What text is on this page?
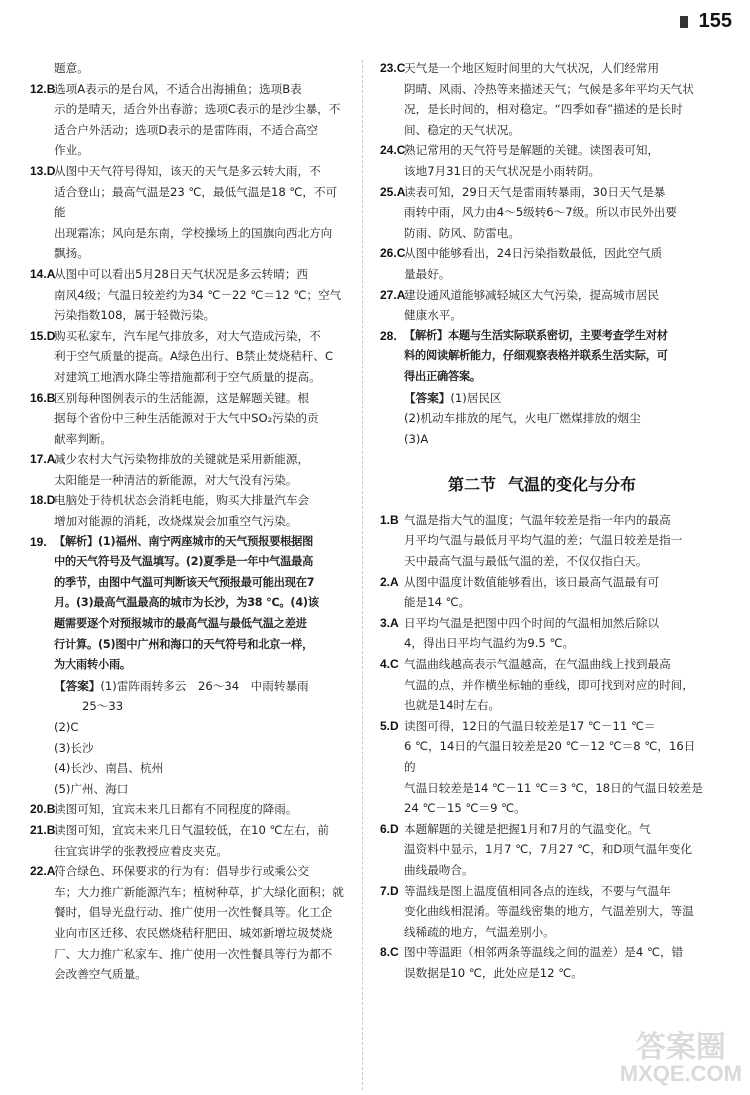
155

题意。

12.B
选项A表示的是台风，不适合出海捕鱼；选项B表
示的是晴天，适合外出春游；选项C表示的是沙尘暴，不
适合户外活动；选项D表示的是雷阵雨，不适合高空
作业。
13.D
从图中天气符号得知，该天的天气是多云转大雨，不
适合登山；最高气温是23 ℃，最低气温是18 ℃，不可能
出现霜冻；风向是东南，学校操场上的国旗向西北方向
飘扬。
14.A
从图中可以看出5月28日天气状况是多云转晴；西
南风4级；气温日较差约为34 ℃－22 ℃＝12 ℃；空气
污染指数108，属于轻微污染。
15.D
购买私家车，汽车尾气排放多，对大气造成污染，不
利于空气质量的提高。A绿色出行、B禁止焚烧秸秆、C
对建筑工地洒水降尘等措施都利于空气质量的提高。
16.B
区别每种图例表示的生活能源，这是解题关键。根
据每个省份中三种生活能源对于大气中SO₂污染的贡
献率判断。
17.A
减少农村大气污染物排放的关键就是采用新能源，
太阳能是一种清洁的新能源，对大气没有污染。
18.D
电脑处于待机状态会消耗电能，购买大排量汽车会
增加对能源的消耗，改烧煤炭会加重空气污染。
19. 【解析】(1)福州、南宁两座城市的天气预报要根据图
中的天气符号及气温填写。(2)夏季是一年中气温最高
的季节，由图中气温可判断该天气预报最可能出现在7
月。(3)最高气温最高的城市为长沙，为38 ℃。(4)该
题需要逐个对预报城市的最高气温与最低气温之差进
行计算。(5)图中广州和海口的天气符号和北京一样，
为大雨转小雨。
【答案】(1)雷阵雨转多云　26～34　中雨转暴雨
25～33
(2)C
(3)长沙
(4)长沙、南昌、杭州
(5)广州、海口
20.B
读图可知，宜宾未来几日都有不同程度的降雨。
21.B
读图可知，宜宾未来几日气温较低，在10 ℃左右，前
往宜宾讲学的张教授应着皮夹克。
22.A
符合绿色、环保要求的行为有：倡导步行或乘公交
车；大力推广新能源汽车；植树种草，扩大绿化面积；就
餐时，倡导光盘行动、推广使用一次性餐具等。化工企
业向市区迁移、农民燃烧秸秆肥田、城郊新增垃圾焚烧
厂、大力推广私家车、推广使用一次性餐具等行为都不
会改善空气质量。
23.C
天气是一个地区短时间里的大气状况，人们经常用
阴晴、风雨、冷热等来描述天气；气候是多年平均天气状
况，是长时间的，相对稳定。“四季如春”描述的是长时
间、稳定的天气状况。
24.C
熟记常用的天气符号是解题的关键。读图表可知，
该地7月31日的天气状况是小雨转阴。
25.A
读表可知，29日天气是雷雨转暴雨，30日天气是暴
雨转中雨，风力由4～5级转6～7级。所以市民外出要
防雨、防风、防雷电。
26.C
从图中能够看出，24日污染指数最低，因此空气质
量最好。
27.A
建设通风道能够减轻城区大气污染，提高城市居民
健康水平。
28. 【解析】本题与生活实际联系密切，主要考查学生对材
料的阅读解析能力，仔细观察表格并联系生活实际，可
得出正确答案。
【答案】(1)居民区
(2)机动车排放的尾气，火电厂燃煤排放的烟尘
(3)A
第二节 气温的变化与分布
1.B 气温是指大气的温度；气温年较差是指一年内的最高
月平均气温与最低月平均气温的差；气温日较差是指一
天中最高气温与最低气温的差，不仅仅指白天。
2.A 从图中温度计数值能够看出，该日最高气温最有可
能是14 ℃。
3.A 日平均气温是把图中四个时间的气温相加然后除以
4，得出日平均气温约为9.5 ℃。
4.C 气温曲线越高表示气温越高，在气温曲线上找到最高
气温的点，并作横坐标轴的垂线，即可找到对应的时间，
也就是14时左右。
5.D 读图可得，12日的气温日较差是17 ℃－11 ℃＝
6 ℃，14日的气温日较差是20 ℃－12 ℃＝8 ℃，16日的
气温日较差是14 ℃－11 ℃＝3 ℃，18日的气温日较差是
24 ℃－15 ℃＝9 ℃。
6.D 本题解题的关键是把握1月和7月的气温变化。气
温资料中显示，1月7 ℃，7月27 ℃，和D项气温年变化
曲线最吻合。
7.D 等温线是图上温度值相同各点的连线，不要与气温年
变化曲线相混淆。等温线密集的地方，气温差别大，等温
线稀疏的地方，气温差别小。
8.C 图中等温距（相邻两条等温线之间的温差）是4 ℃，错
误数据是10 ℃，此处应是12 ℃。
答案圈
MXQE.COM
